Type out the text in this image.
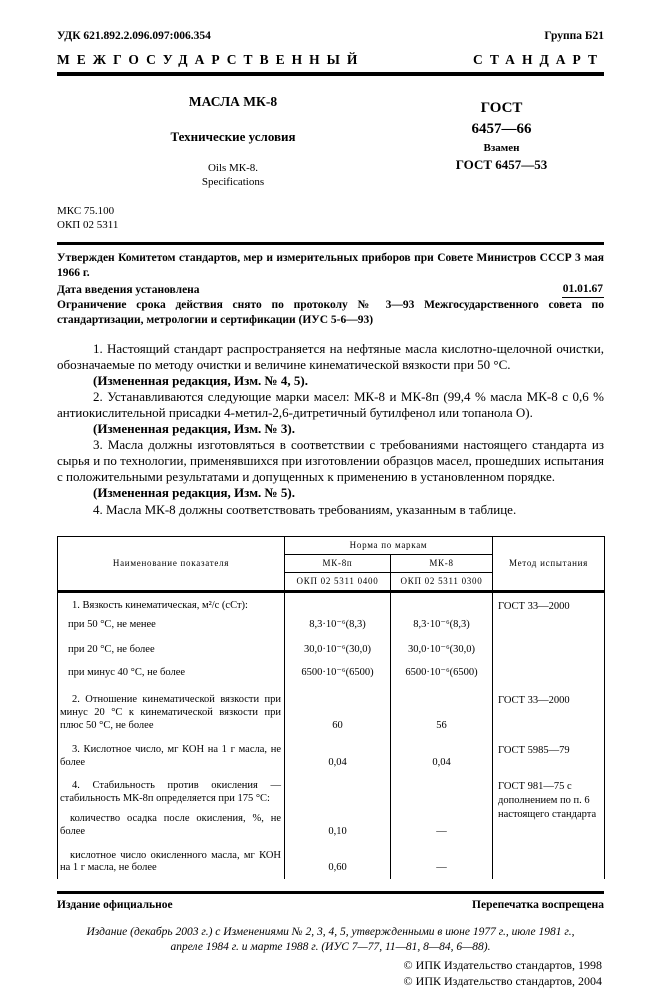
УДК 621.892.2.096.097:006.354	Группа Б21
МЕЖГОСУДАРСТВЕННЫЙ СТАНДАРТ
МАСЛА МК-8
Технические условия
Oils МК-8.
Specifications
МКС 75.100
ОКП 02 5311
ГОСТ
6457—66
Взамен
ГОСТ 6457—53

Утвержден Комитетом стандартов, мер и измерительных приборов при Совете Министров СССР 3 мая 1966 г.

Дата введения установлена	01.01.67

Ограничение срока действия снято по протоколу № 3—93 Межгосударственного совета по стандартизации, метрологии и сертификации (ИУС 5-6—93)

1. Настоящий стандарт распространяется на нефтяные масла кислотно-щелочной очистки, обозначаемые по методу очистки и величине кинематической вязкости при 50 °С.

(Измененная редакция, Изм. № 4, 5).

2. Устанавливаются следующие марки масел: МК-8 и МК-8п (99,4 % масла МК-8 с 0,6 % антиокислительной присадки 4-метил-2,6-дитретичный бутилфенол или топанола О).

(Измененная редакция, Изм. № 3).

3. Масла должны изготовляться в соответствии с требованиями настоящего стандарта из сырья и по технологии, применявшихся при изготовлении образцов масел, прошедших испытания с положительными результатами и допущенных к применению в установленном порядке.

(Измененная редакция, Изм. № 5).

4. Масла МК-8 должны соответствовать требованиям, указанным в таблице.

Наименование показателя	Норма по маркам		Метод испытания
	МК-8п	МК-8	
	ОКП 02 5311 0400	ОКП 02 5311 0300	
1. Вязкость кинематическая, м²/с (сСт):			ГОСТ 33—2000
при 50 °С, не менее	8,3·10⁻⁶(8,3)	8,3·10⁻⁶(8,3)	
при 20 °С, не более	30,0·10⁻⁶(30,0)	30,0·10⁻⁶(30,0)	
при минус 40 °С, не более	6500·10⁻⁶(6500)	6500·10⁻⁶(6500)	
2. Отношение кинематической вязкости при минус 20 °С к кинематической вязкости при плюс 50 °С, не более	60	56	ГОСТ 33—2000
3. Кислотное число, мг КОН на 1 г масла, не более	0,04	0,04	ГОСТ 5985—79
4. Стабильность против окисления — стабильность МК-8п определяется при 175 °С:			ГОСТ 981—75 с дополнением по п. 6 настоящего стандарта
количество осадка после окисления, %, не более	0,10	—	
кислотное число окисленного масла, мг КОН на 1 г масла, не более	0,60	—	
Издание официальное	Перепечатка воспрещена
Издание (декабрь 2003 г.) с Изменениями № 2, 3, 4, 5, утвержденными в июне 1977 г., июле 1981 г.,
апреле 1984 г. и марте 1988 г. (ИУС 7—77, 11—81, 8—84, 6—88).
© ИПК Издательство стандартов, 1998
© ИПК Издательство стандартов, 2004
